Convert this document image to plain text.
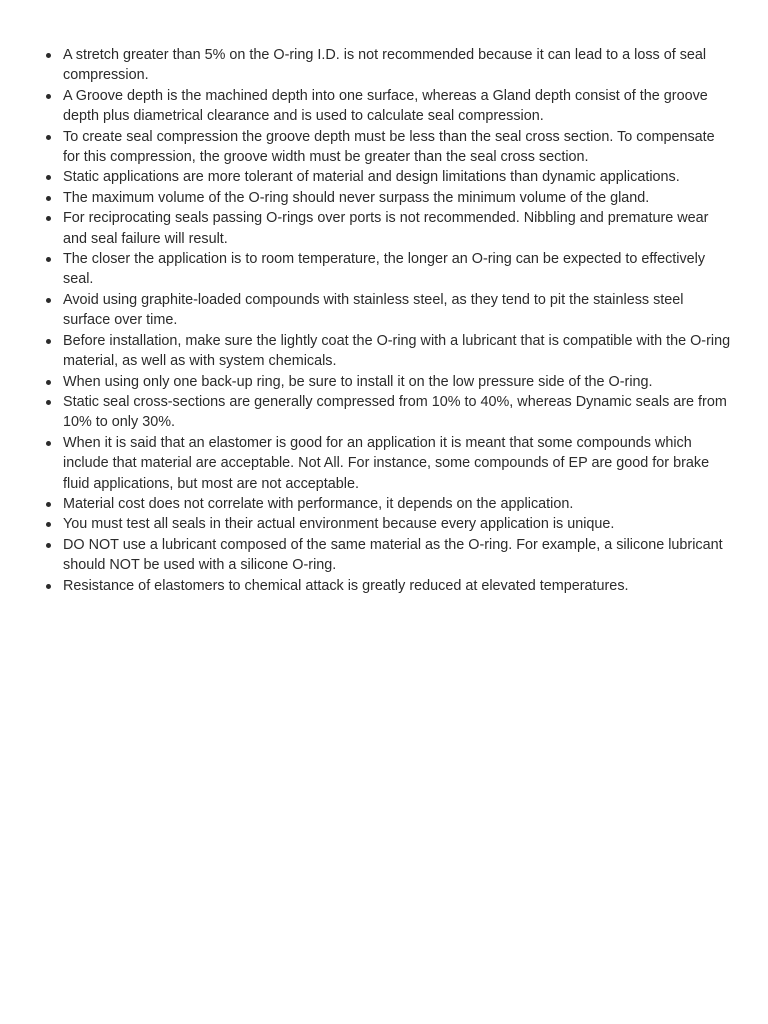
A stretch greater than 5% on the O-ring I.D. is not recommended because it can lead to a loss of seal compression.
A Groove depth is the machined depth into one surface, whereas a Gland depth consist of the groove depth plus diametrical clearance and is used to calculate seal compression.
To create seal compression the groove depth must be less than the seal cross section. To compensate for this compression, the groove width must be greater than the seal cross section.
Static applications are more tolerant of material and design limitations than dynamic applications.
The maximum volume of the O-ring should never surpass the minimum volume of the gland.
For reciprocating seals passing O-rings over ports is not recommended. Nibbling and premature wear and seal failure will result.
The closer the application is to room temperature, the longer an O-ring can be expected to effectively seal.
Avoid using graphite-loaded compounds with stainless steel, as they tend to pit the stainless steel surface over time.
Before installation, make sure the lightly coat the O-ring with a lubricant that is compatible with the O-ring material, as well as with system chemicals.
When using only one back-up ring, be sure to install it on the low pressure side of the O-ring.
Static seal cross-sections are generally compressed from 10% to 40%, whereas Dynamic seals are from 10% to only 30%.
When it is said that an elastomer is good for an application it is meant that some compounds which include that material are acceptable. Not All. For instance, some compounds of EP are good for brake fluid applications, but most are not acceptable.
Material cost does not correlate with performance, it depends on the application.
You must test all seals in their actual environment because every application is unique.
DO NOT use a lubricant composed of the same material as the O-ring. For example, a silicone lubricant should NOT be used with a silicone O-ring.
Resistance of elastomers to chemical attack is greatly reduced at elevated temperatures.
